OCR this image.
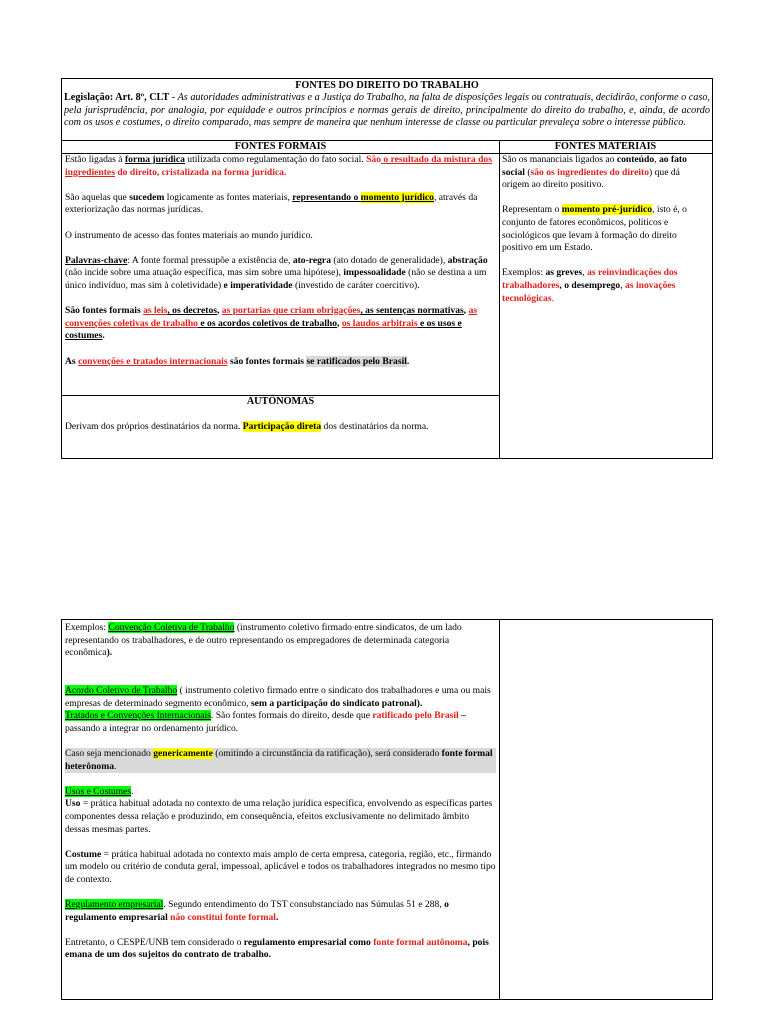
FONTES DO DIREITO DO TRABALHO
Legislação: Art. 8º, CLT - As autoridades administrativas e a Justiça do Trabalho, na falta de disposições legais ou contratuais, decidirão, conforme o caso, pela jurisprudência, por analogia, por equidade e outros princípios e normas gerais de direito, principalmente do direito do trabalho, e, ainda, de acordo com os usos e costumes, o direito comparado, mas sempre de maneira que nenhum interesse de classe ou particular prevaleça sobre o interesse público.
FONTES FORMAIS	FONTES MATERIAIS

Estão ligadas à forma jurídica utilizada como regulamentação do fato social. São o resultado da mistura dos ingredientes do direito, cristalizada na forma jurídica.

São aquelas que sucedem logicamente as fontes materiais, representando o momento jurídico, através da exteriorização das normas jurídicas.

O instrumento de acesso das fontes materiais ao mundo jurídico.

Palavras-chave: A fonte formal pressupõe a existência de, ato-regra (ato dotado de generalidade), abstração (não incide sobre uma atuação específica, mas sim sobre uma hipótese), impessoalidade (não se destina a um único indivíduo, mas sim à coletividade) e imperatividade (investido de caráter coercitivo).

São fontes formais as leis, os decretos, as portarias que criam obrigações, as sentenças normativas, as convenções coletivas de trabalho e os acordos coletivos de trabalho, os laudos arbitrais e os usos e costumes.

As convenções e tratados internacionais são fontes formais se ratificados pelo Brasil.

São os mananciais ligados ao conteúdo, ao fato social (são os ingredientes do direito) que dá origem ao direito positivo.

Representam o momento pré-jurídico, isto é, o conjunto de fatores econômicos, políticos e sociológicos que levam à formação do direito positivo em um Estado.

Exemplos: as greves, as reinvindicações dos trabalhadores, o desemprego, as inovações tecnológicas.

AUTÔNOMAS

Derivam dos próprios destinatários da norma. Participação direta dos destinatários da norma.

Exemplos: Convenção Coletiva de Trabalho (instrumento coletivo firmado entre sindicatos, de um lado representando os trabalhadores, e de outro representando os empregadores de determinada categoria econômica).

Acordo Coletivo de Trabalho ( instrumento coletivo firmado entre o sindicato dos trabalhadores e uma ou mais empresas de determinado segmento econômico, sem a participação do sindicato patronal).

Tratados e Convenções Internacionais. São fontes formais do direito, desde que ratificado pelo Brasil – passando a integrar no ordenamento jurídico.

Caso seja mencionado genericamente (omitindo a circunstância da ratificação), será considerado fonte formal heterônoma.

Usos e Costumes.

Uso = prática habitual adotada no contexto de uma relação jurídica específica, envolvendo as específicas partes componentes dessa relação e produzindo, em consequência, efeitos exclusivamente no delimitado âmbito dessas mesmas partes.

Costume = prática habitual adotada no contexto mais amplo de certa empresa, categoria, região, etc., firmando um modelo ou critério de conduta geral, impessoal, aplicável e todos os trabalhadores integrados no mesmo tipo de contexto.

Regulamento empresarial. Segundo entendimento do TST consubstanciado nas Súmulas 51 e 288, o regulamento empresarial não constitui fonte formal.

Entretanto, o CESPE/UNB tem considerado o regulamento empresarial como fonte formal autônoma, pois emana de um dos sujeitos do contrato de trabalho.
